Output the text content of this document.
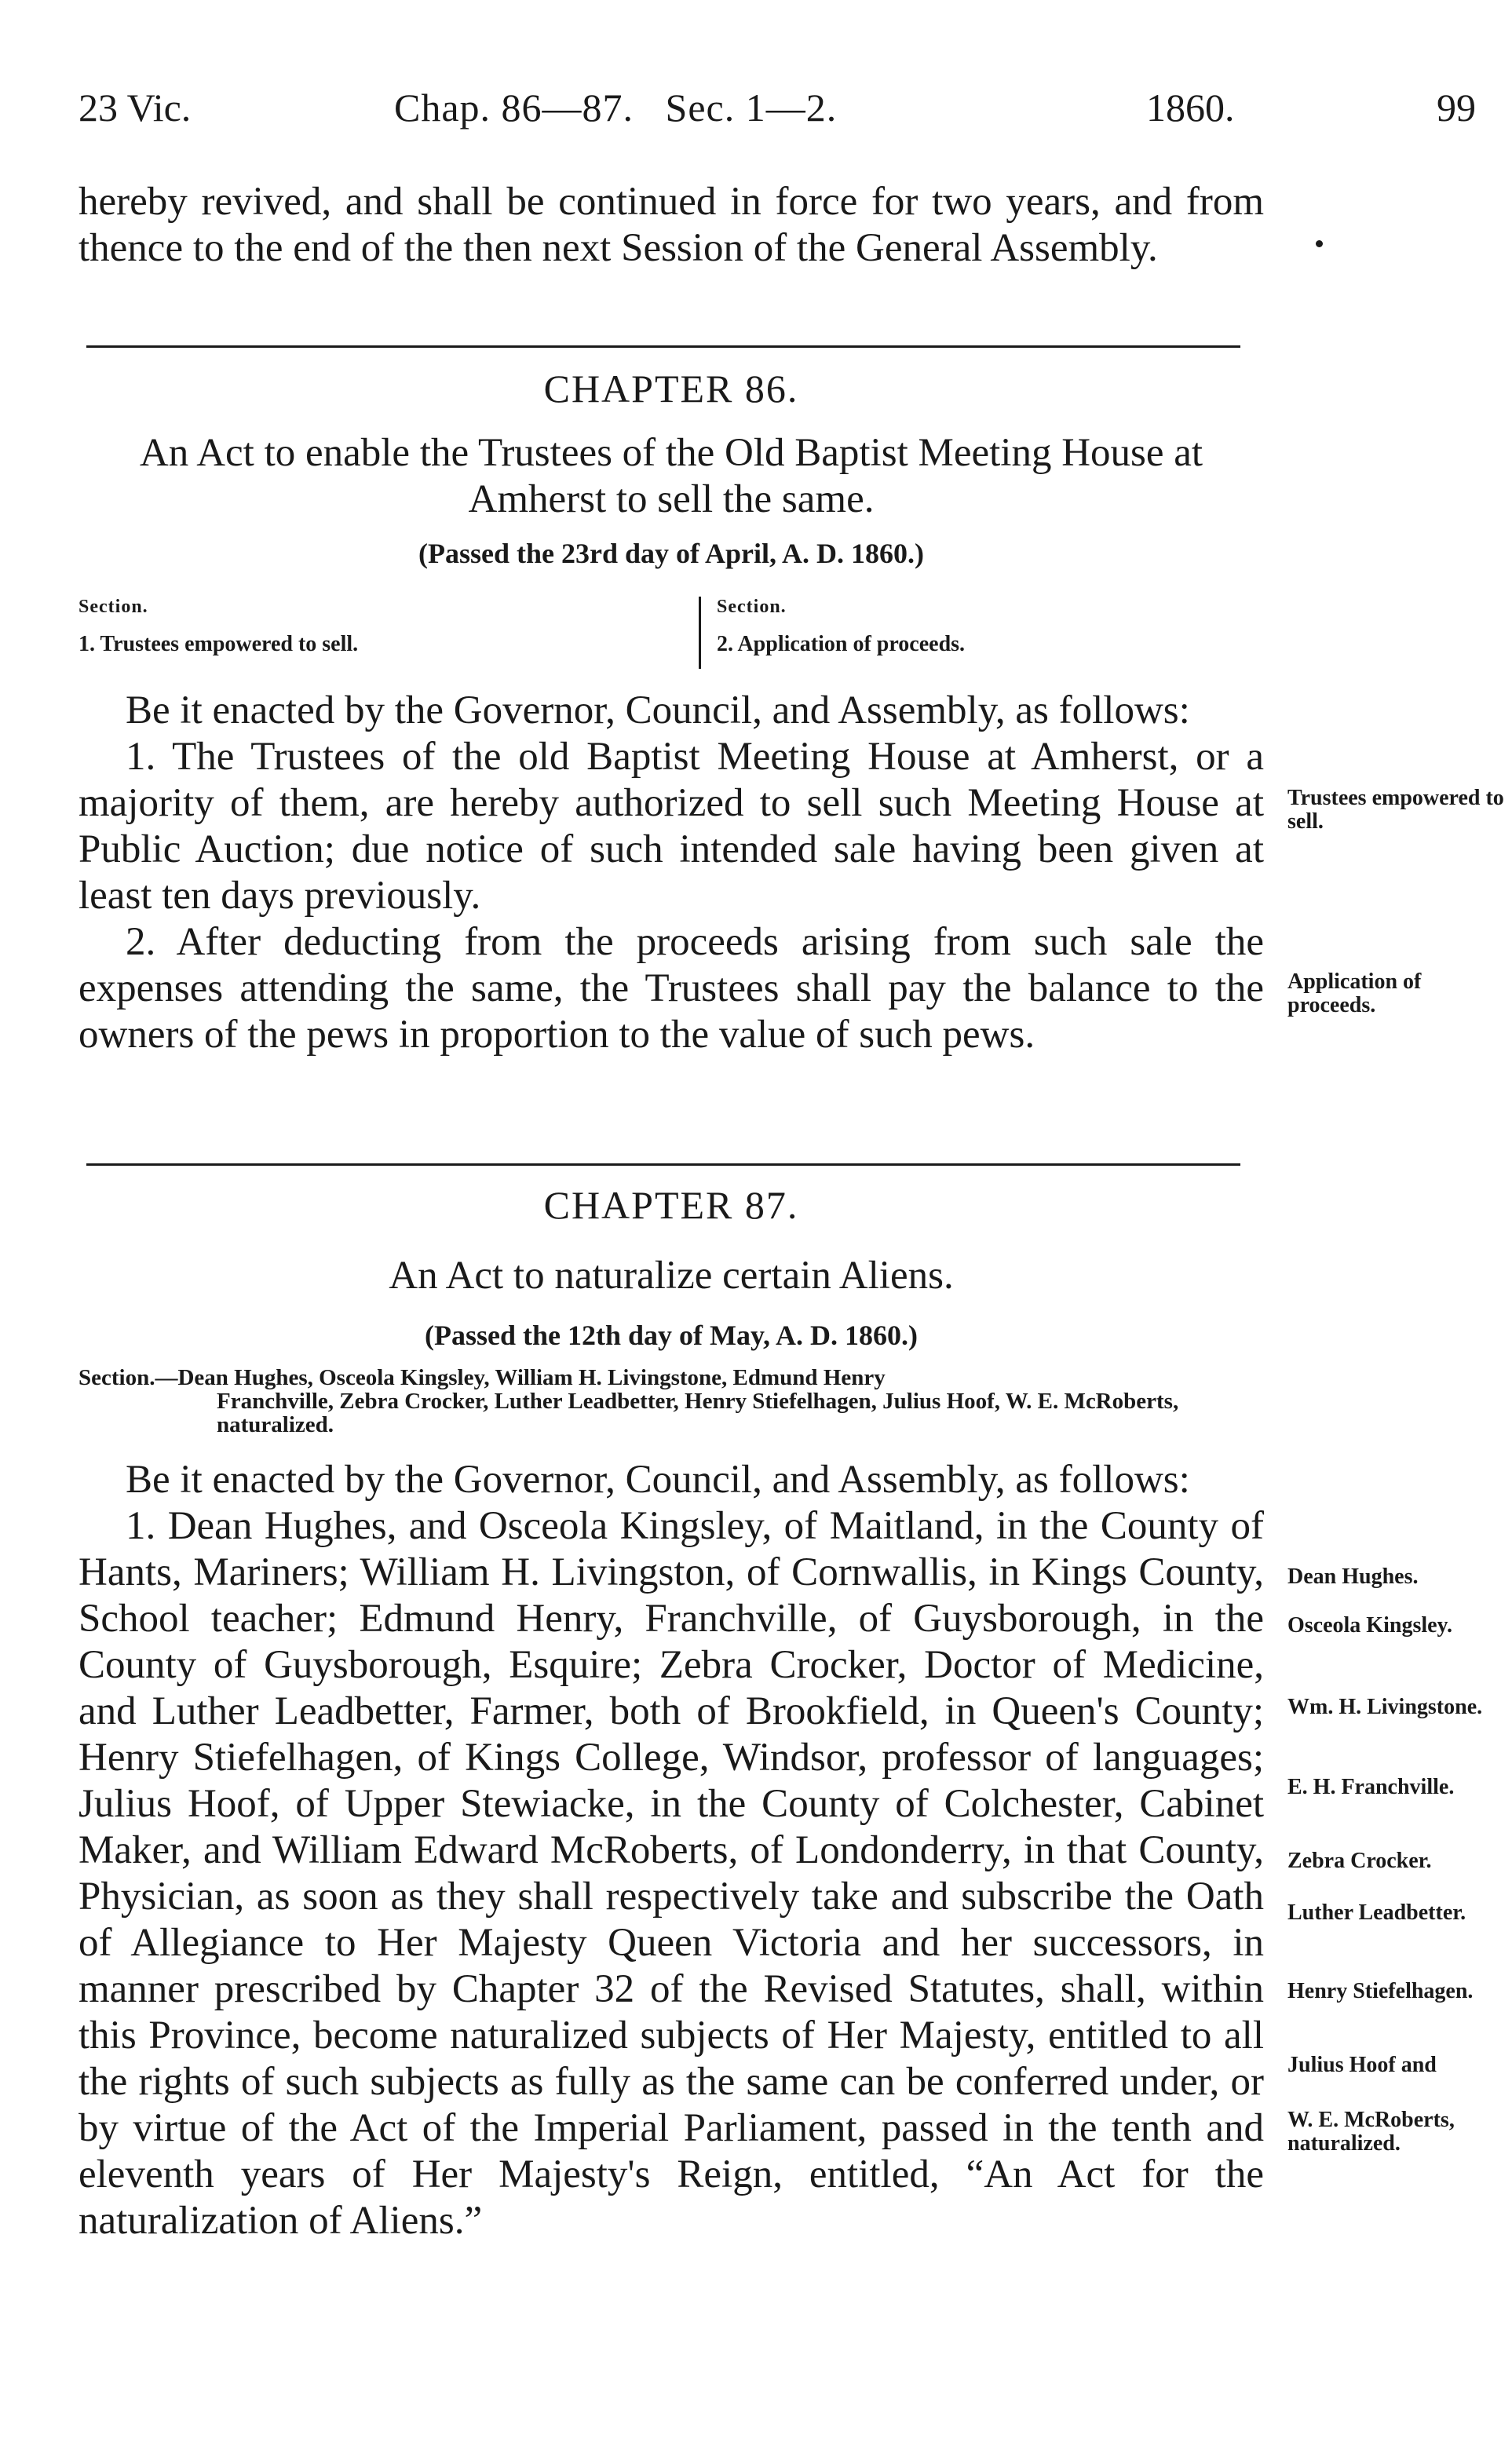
23 Vic.	Chap. 86—87.   Sec. 1—2.	1860.	99
hereby revived, and shall be continued in force for two years, and from thence to the end of the then next Session of the General Assembly.
CHAPTER 86.
An Act to enable the Trustees of the Old Baptist Meeting House at Amherst to sell the same.
(Passed the 23rd day of April, A. D. 1860.)
Section.
1. Trustees empowered to sell.
Section.
2. Application of proceeds.
Be it enacted by the Governor, Council, and Assembly, as follows:
1. The Trustees of the old Baptist Meeting House at Amherst, or a majority of them, are hereby authorized to sell such Meeting House at Public Auction; due notice of such intended sale having been given at least ten days previously.
2. After deducting from the proceeds arising from such sale the expenses attending the same, the Trustees shall pay the balance to the owners of the pews in proportion to the value of such pews.
Trustees empowered to sell.
Application of proceeds.
CHAPTER 87.
An Act to naturalize certain Aliens.
(Passed the 12th day of May, A. D. 1860.)
Section.—Dean Hughes, Osceola Kingsley, William H. Livingstone, Edmund Henry
Franchville, Zebra Crocker, Luther Leadbetter, Henry Stiefelhagen, Julius Hoof, W. E. McRoberts, naturalized.
Be it enacted by the Governor, Council, and Assembly, as follows:
1. Dean Hughes, and Osceola Kingsley, of Maitland, in the County of Hants, Mariners; William H. Livingston, of Cornwallis, in Kings County, School teacher; Edmund Henry, Franchville, of Guysborough, in the County of Guysborough, Esquire; Zebra Crocker, Doctor of Medicine, and Luther Leadbetter, Farmer, both of Brookfield, in Queen's County; Henry Stiefelhagen, of Kings College, Windsor, professor of languages; Julius Hoof, of Upper Stewiacke, in the County of Colchester, Cabinet Maker, and William Edward McRoberts, of Londonderry, in that County, Physician, as soon as they shall respectively take and subscribe the Oath of Allegiance to Her Majesty Queen Victoria and her successors, in manner prescribed by Chapter 32 of the Revised Statutes, shall, within this Province, become naturalized subjects of Her Majesty, entitled to all the rights of such subjects as fully as the same can be conferred under, or by virtue of the Act of the Imperial Parliament, passed in the tenth and eleventh years of Her Majesty's Reign, entitled, “An Act for the naturalization of Aliens.”
Dean Hughes.
Osceola Kingsley.
Wm. H. Livingstone.
E. H. Franchville.
Zebra Crocker.
Luther Leadbetter.
Henry Stiefelhagen.
Julius Hoof and
W. E. McRoberts, naturalized.
